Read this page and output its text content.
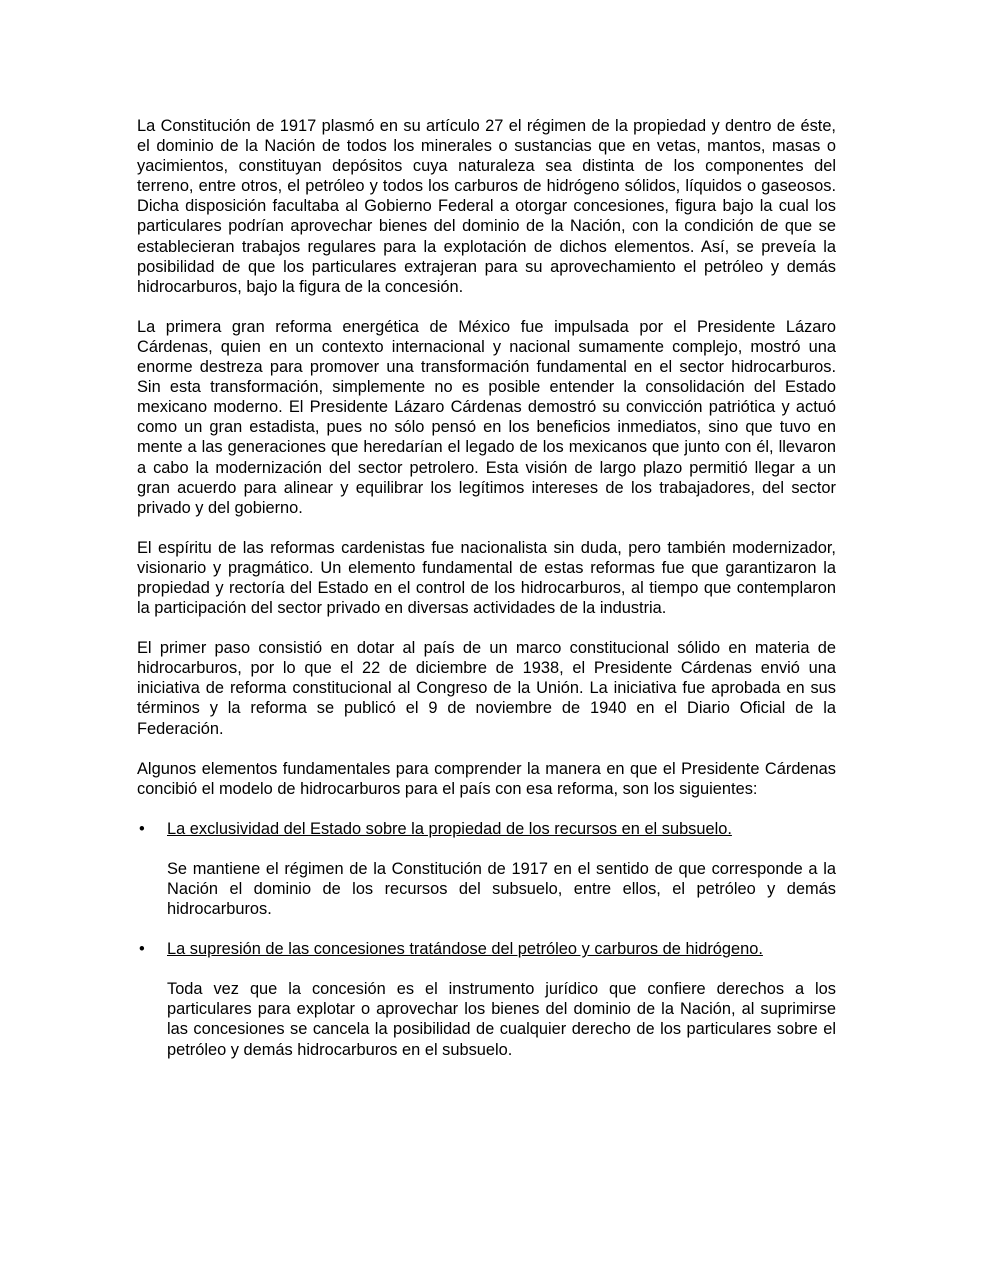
La Constitución de 1917 plasmó en su artículo 27 el régimen de la propiedad y dentro de éste, el dominio de la Nación de todos los minerales o sustancias que en vetas, mantos, masas o yacimientos, constituyan depósitos cuya naturaleza sea distinta de los componentes del terreno, entre otros, el petróleo y todos los carburos de hidrógeno sólidos, líquidos o gaseosos. Dicha disposición facultaba al Gobierno Federal a otorgar concesiones, figura bajo la cual los particulares podrían aprovechar bienes del dominio de la Nación, con la condición de que se establecieran trabajos regulares para la explotación de dichos elementos. Así, se preveía la posibilidad de que los particulares extrajeran para su aprovechamiento el petróleo y demás hidrocarburos, bajo la figura de la concesión.

La primera gran reforma energética de México fue impulsada por el Presidente Lázaro Cárdenas, quien en un contexto internacional y nacional sumamente complejo, mostró una enorme destreza para promover una transformación fundamental en el sector hidrocarburos. Sin esta transformación, simplemente no es posible entender la consolidación del Estado mexicano moderno. El Presidente Lázaro Cárdenas demostró su convicción patriótica y actuó como un gran estadista, pues no sólo pensó en los beneficios inmediatos, sino que tuvo en mente a las generaciones que heredarían el legado de los mexicanos que junto con él, llevaron a cabo la modernización del sector petrolero. Esta visión de largo plazo permitió llegar a un gran acuerdo para alinear y equilibrar los legítimos intereses de los trabajadores, del sector privado y del gobierno.

El espíritu de las reformas cardenistas fue nacionalista sin duda, pero también modernizador, visionario y pragmático. Un elemento fundamental de estas reformas fue que garantizaron la propiedad y rectoría del Estado en el control de los hidrocarburos, al tiempo que contemplaron la participación del sector privado en diversas actividades de la industria.

El primer paso consistió en dotar al país de un marco constitucional sólido en materia de hidrocarburos, por lo que el 22 de diciembre de 1938, el Presidente Cárdenas envió una iniciativa de reforma constitucional al Congreso de la Unión. La iniciativa fue aprobada en sus términos y la reforma se publicó el 9 de noviembre de 1940 en el Diario Oficial de la Federación.

Algunos elementos fundamentales para comprender la manera en que el Presidente Cárdenas concibió el modelo de hidrocarburos para el país con esa reforma, son los siguientes:

• La exclusividad del Estado sobre la propiedad de los recursos en el subsuelo.

Se mantiene el régimen de la Constitución de 1917 en el sentido de que corresponde a la Nación el dominio de los recursos del subsuelo, entre ellos, el petróleo y demás hidrocarburos.

• La supresión de las concesiones tratándose del petróleo y carburos de hidrógeno.

Toda vez que la concesión es el instrumento jurídico que confiere derechos a los particulares para explotar o aprovechar los bienes del dominio de la Nación, al suprimirse las concesiones se cancela la posibilidad de cualquier derecho de los particulares sobre el petróleo y demás hidrocarburos en el subsuelo.
